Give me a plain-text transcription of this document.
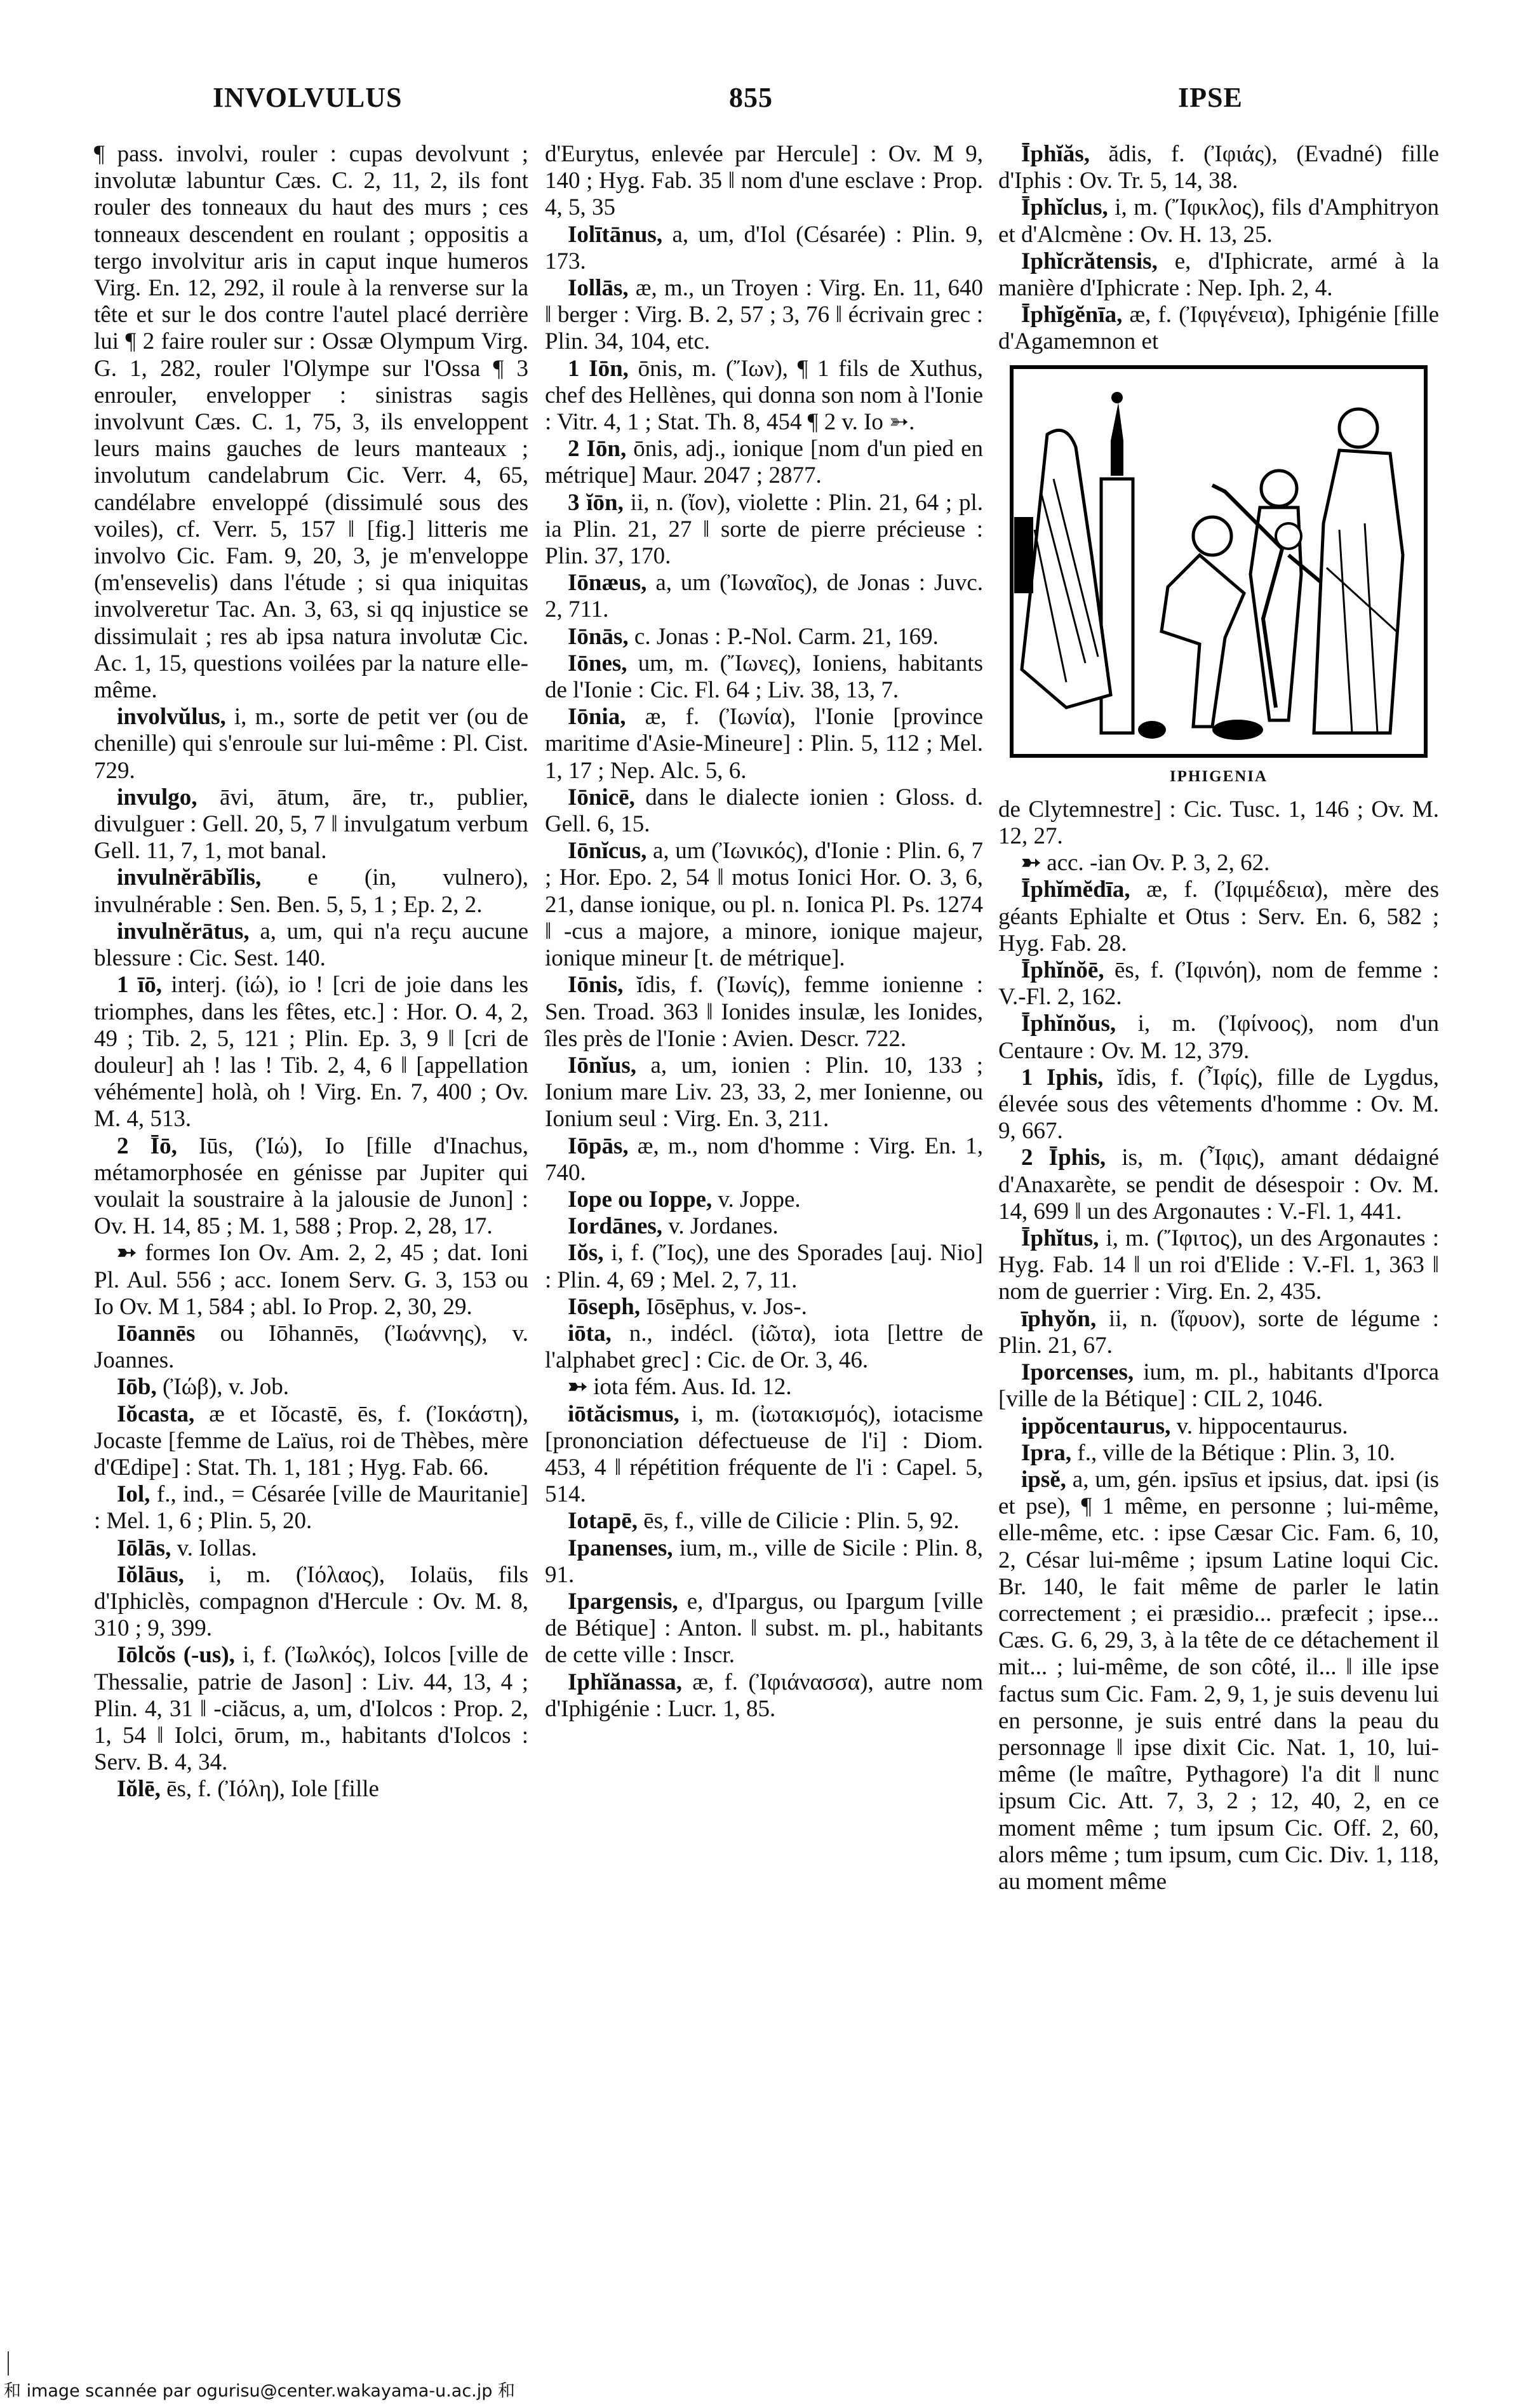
INVOLVULUS	855	IPSE

¶ pass. involvi, rouler : cupas devolvunt ; involutæ labuntur Cæs. C. 2, 11, 2, ils font rouler des tonneaux du haut des murs ; ces tonneaux descendent en roulant ; oppositis a tergo involvitur aris in caput inque humeros Virg. En. 12, 292, il roule à la renverse sur la tête et sur le dos contre l'autel placé derrière lui ¶ 2 faire rouler sur : Ossæ Olympum Virg. G. 1, 282, rouler l'Olympe sur l'Ossa ¶ 3 enrouler, envelopper : sinistras sagis involvunt Cæs. C. 1, 75, 3, ils enveloppent leurs mains gauches de leurs manteaux ; involutum candelabrum Cic. Verr. 4, 65, candélabre enveloppé (dissimulé sous des voiles), cf. Verr. 5, 157 ‖ [fig.] litteris me involvo Cic. Fam. 9, 20, 3, je m'enveloppe (m'ensevelis) dans l'étude ; si qua iniquitas involveretur Tac. An. 3, 63, si qq injustice se dissimulait ; res ab ipsa natura involutæ Cic. Ac. 1, 15, questions voilées par la nature elle-même.

involvŭlus, i, m., sorte de petit ver (ou de chenille) qui s'enroule sur lui-même : Pl. Cist. 729.

invulgo, āvi, ātum, āre, tr., publier, divulguer : Gell. 20, 5, 7 ‖ invulgatum verbum Gell. 11, 7, 1, mot banal.

invulnĕrābĭlis, e (in, vulnero), invulnérable : Sen. Ben. 5, 5, 1 ; Ep. 2, 2.

invulnĕrātus, a, um, qui n'a reçu aucune blessure : Cic. Sest. 140.

1 īō, interj. (ἰώ), io ! [cri de joie dans les triomphes, dans les fêtes, etc.] : Hor. O. 4, 2, 49 ; Tib. 2, 5, 121 ; Plin. Ep. 3, 9 ‖ [cri de douleur] ah ! las ! Tib. 2, 4, 6 ‖ [appellation véhémente] holà, oh ! Virg. En. 7, 400 ; Ov. M. 4, 513.

2 Īō, Iūs, (Ἰώ), Io [fille d'Inachus, métamorphosée en génisse par Jupiter qui voulait la soustraire à la jalousie de Junon] : Ov. H. 14, 85 ; M. 1, 588 ; Prop. 2, 28, 17.

➳ formes Ion Ov. Am. 2, 2, 45 ; dat. Ioni Pl. Aul. 556 ; acc. Ionem Serv. G. 3, 153 ou Io Ov. M 1, 584 ; abl. Io Prop. 2, 30, 29.

Iōannēs ou Iōhannēs, (Ἰωάννης), v. Joannes.

Iōb, (Ἰώβ), v. Job.

Iŏcasta, æ et Iŏcastē, ēs, f. (Ἰοκάστη), Jocaste [femme de Laïus, roi de Thèbes, mère d'Œdipe] : Stat. Th. 1, 181 ; Hyg. Fab. 66.

Iol, f., ind., = Césarée [ville de Mauritanie] : Mel. 1, 6 ; Plin. 5, 20.

Iōlās, v. Iollas.

Iŏlāus, i, m. (Ἰόλαος), Iolaüs, fils d'Iphiclès, compagnon d'Hercule : Ov. M. 8, 310 ; 9, 399.

Iōlcŏs (-us), i, f. (Ἰωλκός), Iolcos [ville de Thessalie, patrie de Jason] : Liv. 44, 13, 4 ; Plin. 4, 31 ‖ -ciăcus, a, um, d'Iolcos : Prop. 2, 1, 54 ‖ Iolci, ōrum, m., habitants d'Iolcos : Serv. B. 4, 34.

Iŏlē, ēs, f. (Ἰόλη), Iole [fille

d'Eurytus, enlevée par Hercule] : Ov. M 9, 140 ; Hyg. Fab. 35 ‖ nom d'une esclave : Prop. 4, 5, 35

Iolītānus, a, um, d'Iol (Césarée) : Plin. 9, 173.

Iollās, æ, m., un Troyen : Virg. En. 11, 640 ‖ berger : Virg. B. 2, 57 ; 3, 76 ‖ écrivain grec : Plin. 34, 104, etc.

1 Iōn, ōnis, m. (Ἴων), ¶ 1 fils de Xuthus, chef des Hellènes, qui donna son nom à l'Ionie : Vitr. 4, 1 ; Stat. Th. 8, 454 ¶ 2 v. Io ➳.

2 Iōn, ōnis, adj., ionique [nom d'un pied en métrique] Maur. 2047 ; 2877.

3 ĭōn, ii, n. (ἴον), violette : Plin. 21, 64 ; pl. ia Plin. 21, 27 ‖ sorte de pierre précieuse : Plin. 37, 170.

Iōnæus, a, um (Ἰωναῖος), de Jonas : Juvc. 2, 711.

Iōnās, c. Jonas : P.-Nol. Carm. 21, 169.

Iōnes, um, m. (Ἴωνες), Ioniens, habitants de l'Ionie : Cic. Fl. 64 ; Liv. 38, 13, 7.

Iōnia, æ, f. (Ἰωνία), l'Ionie [province maritime d'Asie-Mineure] : Plin. 5, 112 ; Mel. 1, 17 ; Nep. Alc. 5, 6.

Iōnicē, dans le dialecte ionien : Gloss. d. Gell. 6, 15.

Iōnĭcus, a, um (Ἰωνικός), d'Ionie : Plin. 6, 7 ; Hor. Epo. 2, 54 ‖ motus Ionici Hor. O. 3, 6, 21, danse ionique, ou pl. n. Ionica Pl. Ps. 1274 ‖ -cus a majore, a minore, ionique majeur, ionique mineur [t. de métrique].

Iōnis, ĭdis, f. (Ἰωνίς), femme ionienne : Sen. Troad. 363 ‖ Ionides insulæ, les Ionides, îles près de l'Ionie : Avien. Descr. 722.

Iōnĭus, a, um, ionien : Plin. 10, 133 ; Ionium mare Liv. 23, 33, 2, mer Ionienne, ou Ionium seul : Virg. En. 3, 211.

Iōpās, æ, m., nom d'homme : Virg. En. 1, 740.

Iope ou Ioppe, v. Joppe.

Iordānes, v. Jordanes.

Iŏs, i, f. (Ἴος), une des Sporades [auj. Nio] : Plin. 4, 69 ; Mel. 2, 7, 11.

Iōseph, Iōsēphus, v. Jos-.

iōta, n., indécl. (ἰῶτα), iota [lettre de l'alphabet grec] : Cic. de Or. 3, 46.

➳ iota fém. Aus. Id. 12.

iōtăcismus, i, m. (ἰωτακισμός), iotacisme [prononciation défectueuse de l'i] : Diom. 453, 4 ‖ répétition fréquente de l'i : Capel. 5, 514.

Iotapē, ēs, f., ville de Cilicie : Plin. 5, 92.

Ipanenses, ium, m., ville de Sicile : Plin. 8, 91.

Ipargensis, e, d'Ipargus, ou Ipargum [ville de Bétique] : Anton. ‖ subst. m. pl., habitants de cette ville : Inscr.

Iphĭănassa, æ, f. (Ἰφιάνασσα), autre nom d'Iphigénie : Lucr. 1, 85.

Īphĭăs, ădis, f. (Ἰφιάς), (Evadné) fille d'Iphis : Ov. Tr. 5, 14, 38.

Īphĭclus, i, m. (Ἴφικλος), fils d'Amphitryon et d'Alcmène : Ov. H. 13, 25.

Iphĭcrătensis, e, d'Iphicrate, armé à la manière d'Iphicrate : Nep. Iph. 2, 4.

Īphĭgĕnīa, æ, f. (Ἰφιγένεια), Iphigénie [fille d'Agamemnon et

IPHIGENIA

de Clytemnestre] : Cic. Tusc. 1, 146 ; Ov. M. 12, 27.

➳ acc. -ian Ov. P. 3, 2, 62.

Īphĭmĕdīa, æ, f. (Ἰφιμέδεια), mère des géants Ephialte et Otus : Serv. En. 6, 582 ; Hyg. Fab. 28.

Īphĭnŏē, ēs, f. (Ἰφινόη), nom de femme : V.-Fl. 2, 162.

Īphĭnŏus, i, m. (Ἰφίνοος), nom d'un Centaure : Ov. M. 12, 379.

1 Iphis, ĭdis, f. (Ἶφίς), fille de Lygdus, élevée sous des vêtements d'homme : Ov. M. 9, 667.

2 Īphis, is, m. (Ἶφις), amant dédaigné d'Anaxarète, se pendit de désespoir : Ov. M. 14, 699 ‖ un des Argonautes : V.-Fl. 1, 441.

Īphĭtus, i, m. (Ἴφιτος), un des Argonautes : Hyg. Fab. 14 ‖ un roi d'Elide : V.-Fl. 1, 363 ‖ nom de guerrier : Virg. En. 2, 435.

īphyŏn, ii, n. (ἴφυον), sorte de légume : Plin. 21, 67.

Iporcenses, ium, m. pl., habitants d'Iporca [ville de la Bétique] : CIL 2, 1046.

ippŏcentaurus, v. hippocentaurus.

Ipra, f., ville de la Bétique : Plin. 3, 10.

ipsĕ, a, um, gén. ipsīus et ipsius, dat. ipsi (is et pse), ¶ 1 même, en personne ; lui-même, elle-même, etc. : ipse Cæsar Cic. Fam. 6, 10, 2, César lui-même ; ipsum Latine loqui Cic. Br. 140, le fait même de parler le latin correctement ; ei præsidio... præfecit ; ipse... Cæs. G. 6, 29, 3, à la tête de ce détachement il mit... ; lui-même, de son côté, il... ‖ ille ipse factus sum Cic. Fam. 2, 9, 1, je suis devenu lui en personne, je suis entré dans la peau du personnage ‖ ipse dixit Cic. Nat. 1, 10, lui-même (le maître, Pythagore) l'a dit ‖ nunc ipsum Cic. Att. 7, 3, 2 ; 12, 40, 2, en ce moment même ; tum ipsum Cic. Off. 2, 60, alors même ; tum ipsum, cum Cic. Div. 1, 118, au moment même

和 image scannée par ogurisu@center.wakayama-u.ac.jp 和
